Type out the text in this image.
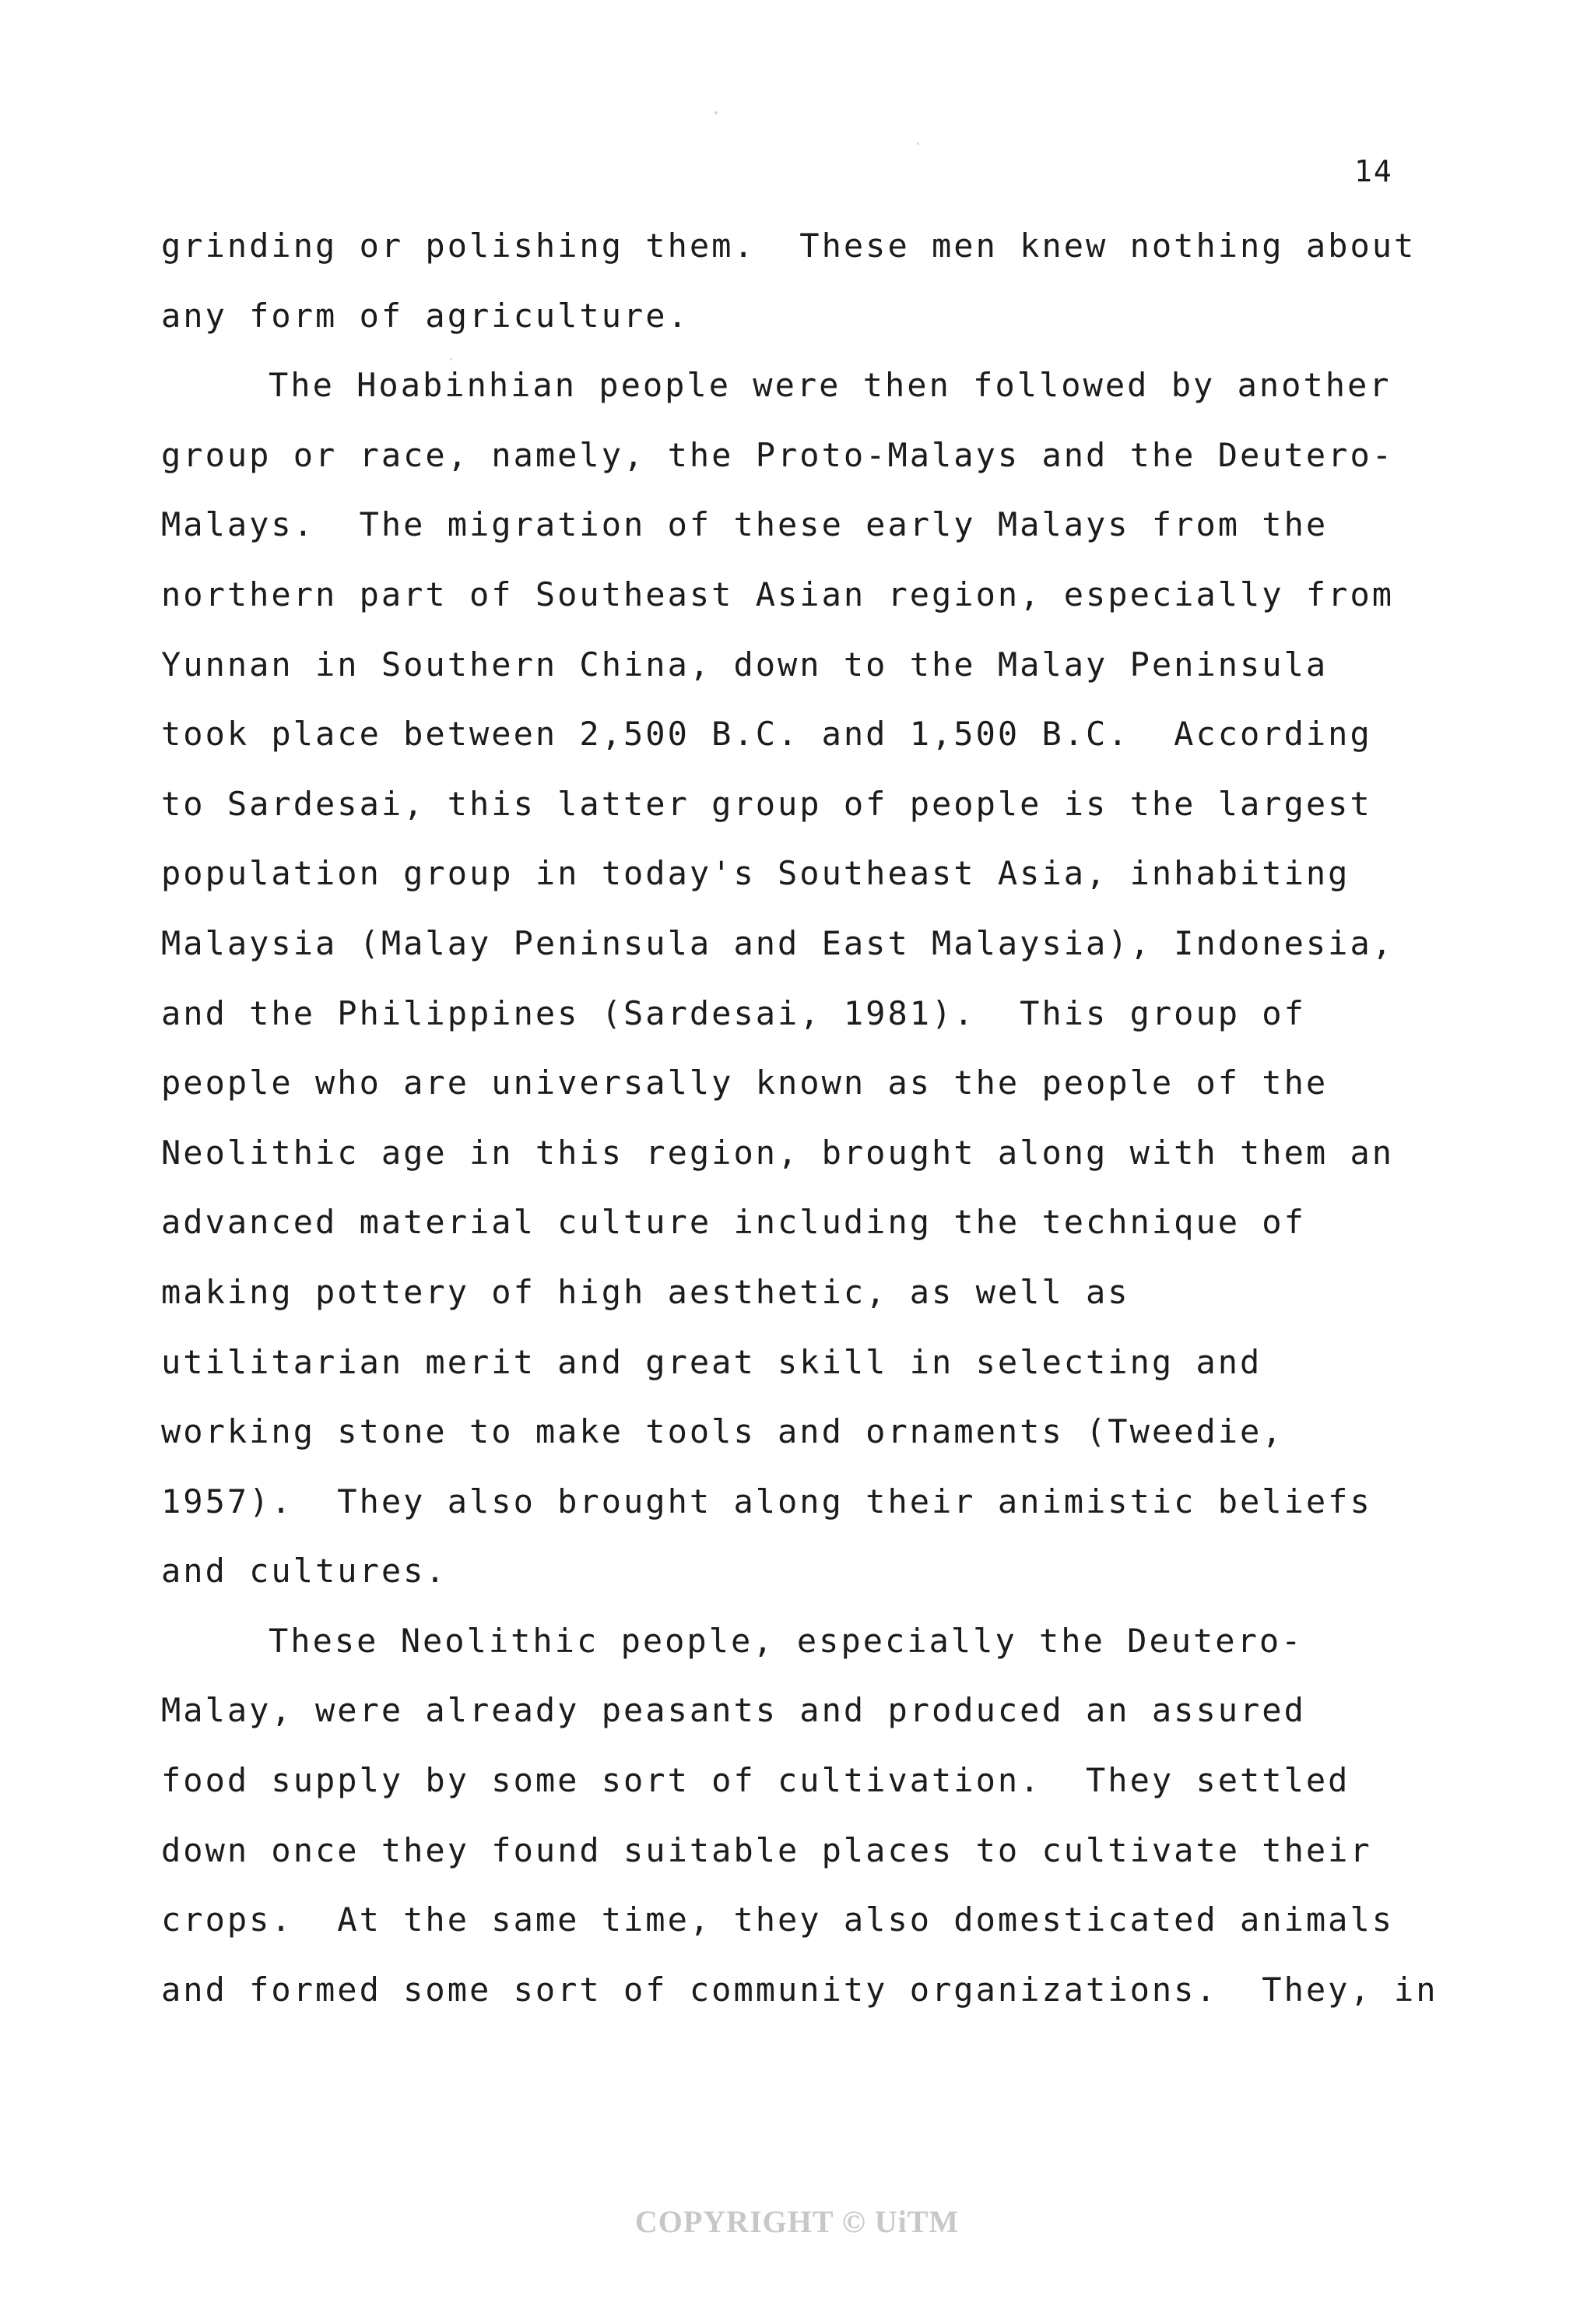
14
grinding or polishing them.  These men knew nothing about
any form of agriculture.
The Hoabinhian people were then followed by another
group or race, namely, the Proto-Malays and the Deutero-
Malays.  The migration of these early Malays from the
northern part of Southeast Asian region, especially from
Yunnan in Southern China, down to the Malay Peninsula
took place between 2,500 B.C. and 1,500 B.C.  According
to Sardesai, this latter group of people is the largest
population group in today's Southeast Asia, inhabiting
Malaysia (Malay Peninsula and East Malaysia), Indonesia,
and the Philippines (Sardesai, 1981).  This group of
people who are universally known as the people of the
Neolithic age in this region, brought along with them an
advanced material culture including the technique of
making pottery of high aesthetic, as well as
utilitarian merit and great skill in selecting and
working stone to make tools and ornaments (Tweedie,
1957).  They also brought along their animistic beliefs
and cultures.
These Neolithic people, especially the Deutero-
Malay, were already peasants and produced an assured
food supply by some sort of cultivation.  They settled
down once they found suitable places to cultivate their
crops.  At the same time, they also domesticated animals
and formed some sort of community organizations.  They, in
COPYRIGHT © UiTM
